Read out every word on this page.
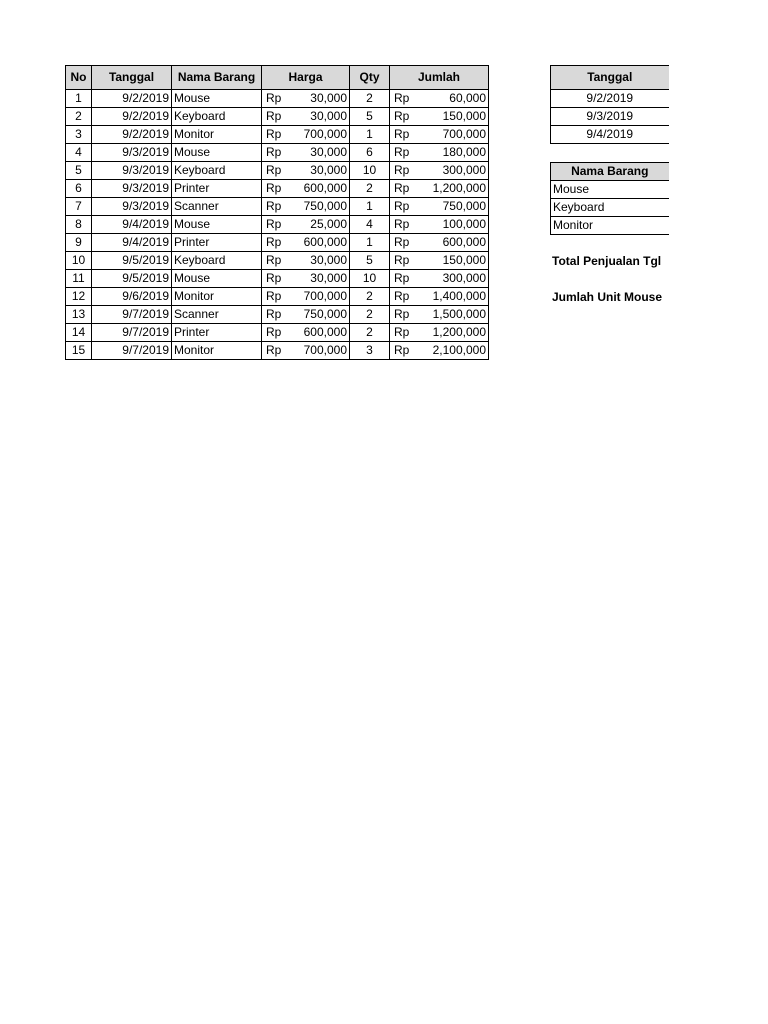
No	Tanggal	Nama Barang	Harga	Qty	Jumlah
1	9/2/2019	Mouse	Rp 30,000	2	Rp 60,000

2	9/2/2019	Keyboard	Rp 30,000	5	Rp 150,000

3	9/2/2019	Monitor	Rp 700,000	1	Rp 700,000

4	9/3/2019	Mouse	Rp 30,000	6	Rp 180,000

5	9/3/2019	Keyboard	Rp 30,000	10	Rp 300,000

6	9/3/2019	Printer	Rp 600,000	2	Rp 1,200,000

7	9/3/2019	Scanner	Rp 750,000	1	Rp 750,000

8	9/4/2019	Mouse	Rp 25,000	4	Rp 100,000

9	9/4/2019	Printer	Rp 600,000	1	Rp 600,000

10	9/5/2019	Keyboard	Rp 30,000	5	Rp 150,000

11	9/5/2019	Mouse	Rp 30,000	10	Rp 300,000

12	9/6/2019	Monitor	Rp 700,000	2	Rp 1,400,000

13	9/7/2019	Scanner	Rp 750,000	2	Rp 1,500,000

14	9/7/2019	Printer	Rp 600,000	2	Rp 1,200,000

15	9/7/2019	Monitor	Rp 700,000	3	Rp 2,100,000
Tanggal
9/2/2019
9/3/2019
9/4/2019
Nama Barang
Mouse
Keyboard
Monitor
Total Penjualan Tgl
Jumlah Unit Mouse
